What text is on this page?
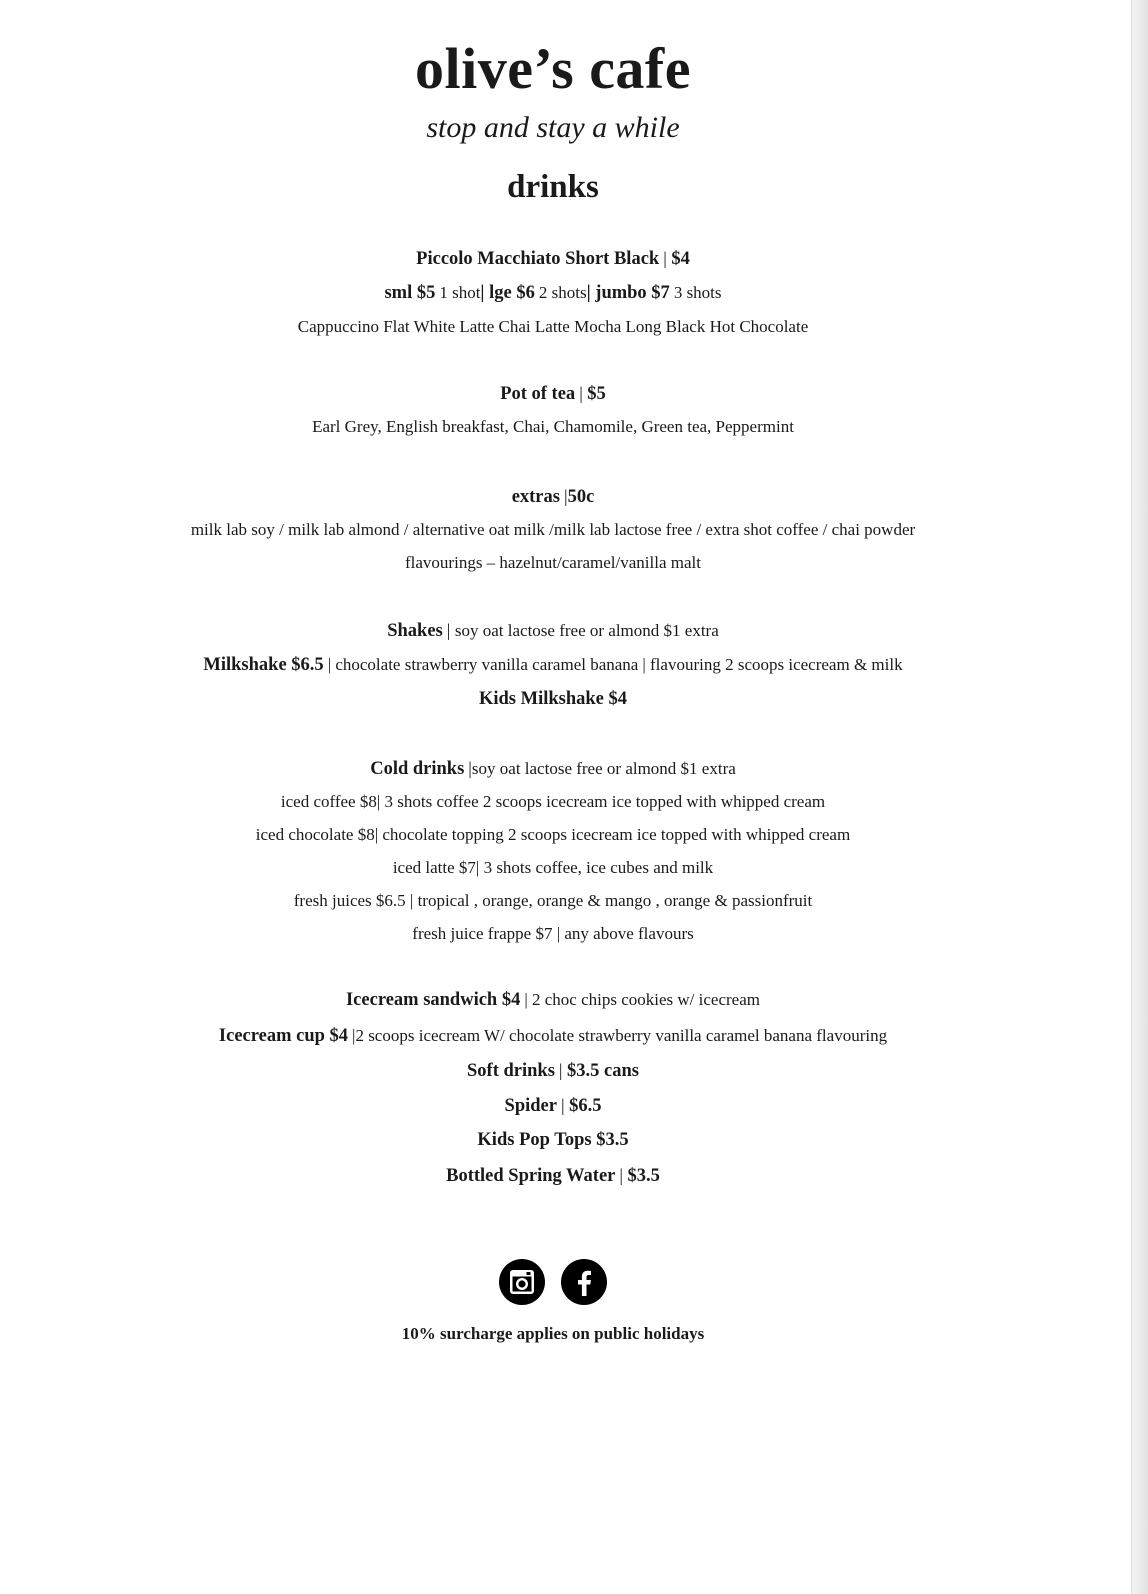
olive’s cafe
stop and stay a while
drinks
Piccolo Macchiato Short Black | $4
sml $5 1 shot| lge $6 2 shots| jumbo $7 3 shots
Cappuccino Flat White Latte Chai Latte Mocha Long Black Hot Chocolate
Pot of tea | $5
Earl Grey, English breakfast, Chai, Chamomile, Green tea, Peppermint
extras |50c
milk lab soy / milk lab almond / alternative oat milk /milk lab lactose free / extra shot coffee / chai powder
flavourings – hazelnut/caramel/vanilla malt
Shakes | soy oat lactose free or almond $1 extra
Milkshake $6.5 | chocolate strawberry vanilla caramel banana | flavouring 2 scoops icecream & milk
Kids Milkshake $4
Cold drinks |soy oat lactose free or almond $1 extra
iced coffee $8| 3 shots coffee 2 scoops icecream ice topped with whipped cream
iced chocolate $8| chocolate topping 2 scoops icecream ice topped with whipped cream
iced latte $7| 3 shots coffee, ice cubes and milk
fresh juices $6.5 | tropical , orange, orange & mango , orange & passionfruit
fresh juice frappe $7 | any above flavours
Icecream sandwich $4 | 2 choc chips cookies w/ icecream
Icecream cup $4 |2 scoops icecream W/ chocolate strawberry vanilla caramel banana flavouring
Soft drinks | $3.5 cans
Spider | $6.5
Kids Pop Tops $3.5
Bottled Spring Water | $3.5

10% surcharge applies on public holidays
